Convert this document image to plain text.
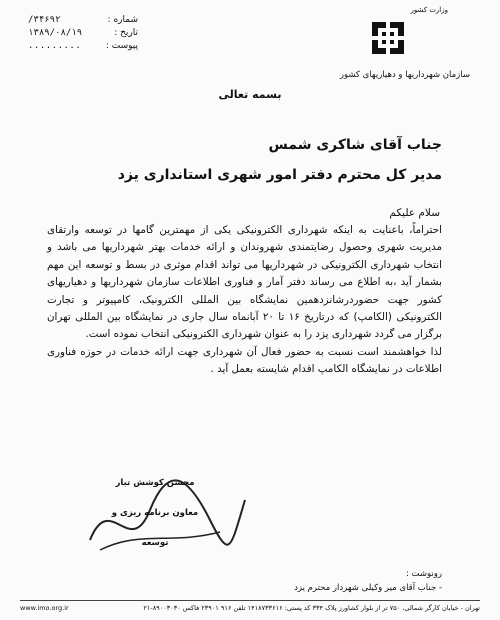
شماره :
۳۴۶۹۲/
تاریخ :
۱۳۸۹/۰۸/۱۹
پیوست :
.........
وزارت کشور
سازمان شهرداریها و دهیاریهای کشور
بسمه تعالی
جناب آقای شاکری شمس
مدیر کل محترم دفتر امور شهری استانداری یزد
سلام علیکم

احتراماً، باعنایت به اینکه شهرداری الکترونیکی یکی از مهمترین گامها در توسعه وارتقای مدیریت شهری وحصول رضایتمندی شهروندان و ارائه خدمات بهتر شهرداریها می باشد و انتخاب شهرداری الکترونیکی در شهرداریها می تواند اقدام موثری در بسط و توسعه این مهم بشمار آید ،به اطلاع می رساند دفتر آمار و فناوری اطلاعات سازمان شهرداریها و دهیاریهای کشور جهت حضوردرشانزدهمین نمایشگاه بین المللی الکترونیک، کامپیوتر و تجارت الکترونیکی (الکامپ) که درتاریخ ۱۶ تا ۲۰ آبانماه سال جاری در نمایشگاه بین المللی تهران برگزار می گردد شهرداری یزد را به عنوان شهرداری الکترونیکی انتخاب نموده است.

لذا خواهشمند است نسبت به حضور فعال آن شهرداری جهت ارائه خدمات در حوزه فناوری اطلاعات در نمایشگاه الکامپ اقدام شایسته بعمل آید .

محسن کوشش تبار
معاون برنامه ریزی و توسعه
رونوشت :
- جناب آقای میر وکیلی شهردار محترم یزد
تهران - خیابان کارگر شمالی، ۷۵۰ تر از بلوار کشاورز پلاک ۳۳۴ کد پستی: ۱۴۱۸۷۳۳۶۱۶ تلفن ۹۱۶ ۲۳۹۰۱ فاکس ۸۹۰۰۳۰۳۰-۲۱
www.imo.org.ir
